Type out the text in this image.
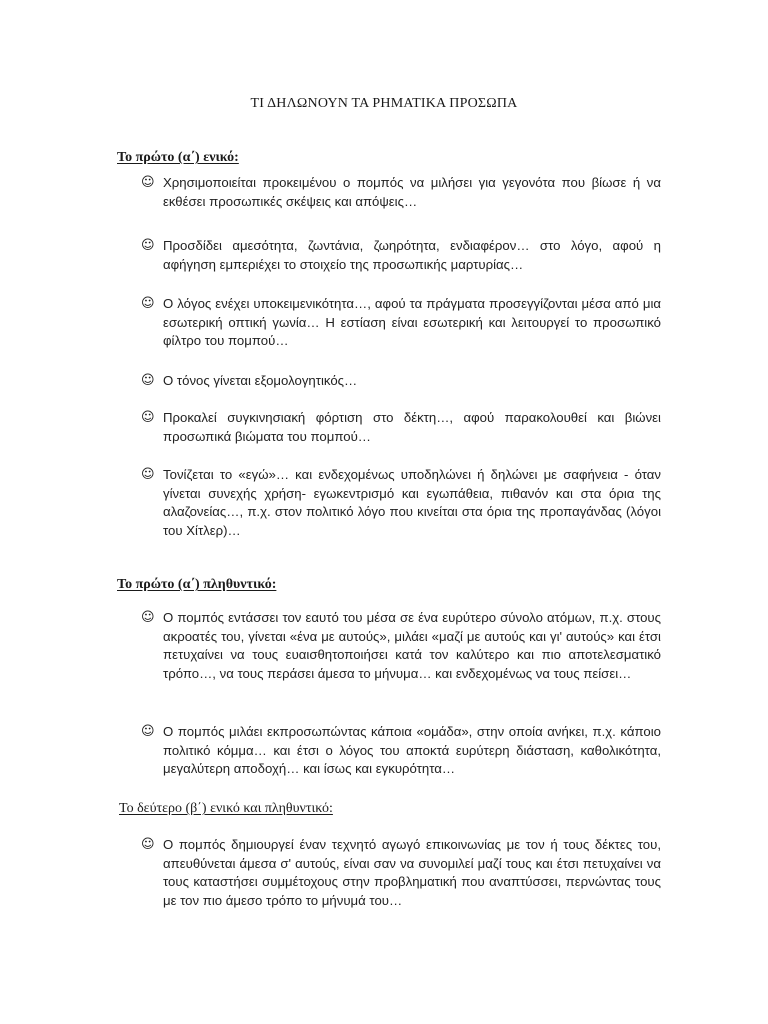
ΤΙ ΔΗΛΩΝΟΥΝ ΤΑ ΡΗΜΑΤΙΚΑ ΠΡΟΣΩΠΑ
Το πρώτο (α΄) ενικό:
☺ Χρησιμοποιείται προκειμένου ο πομπός να μιλήσει για γεγονότα που βίωσε ή να εκθέσει προσωπικές σκέψεις και απόψεις…
☺ Προσδίδει αμεσότητα, ζωντάνια, ζωηρότητα, ενδιαφέρον… στο λόγο, αφού η αφήγηση εμπεριέχει το στοιχείο της προσωπικής μαρτυρίας…
☺ Ο λόγος ενέχει υποκειμενικότητα…, αφού τα πράγματα προσεγγίζονται μέσα από μια εσωτερική οπτική γωνία… Η εστίαση είναι εσωτερική και λειτουργεί το προσωπικό φίλτρο του πομπού…
☺ Ο τόνος γίνεται εξομολογητικός…
☺ Προκαλεί συγκινησιακή φόρτιση στο δέκτη…, αφού παρακολουθεί και βιώνει προσωπικά βιώματα του πομπού…
☺ Τονίζεται το «εγώ»… και ενδεχομένως υποδηλώνει ή δηλώνει με σαφήνεια - όταν γίνεται συνεχής χρήση- εγωκεντρισμό και εγωπάθεια, πιθανόν και στα όρια της αλαζονείας…, π.χ. στον πολιτικό λόγο που κινείται στα όρια της προπαγάνδας (λόγοι του Χίτλερ)…
Το πρώτο (α΄) πληθυντικό:
☺ Ο πομπός εντάσσει τον εαυτό του μέσα σε ένα ευρύτερο σύνολο ατόμων, π.χ. στους ακροατές του, γίνεται «ένα με αυτούς», μιλάει «μαζί με αυτούς και γι' αυτούς» και έτσι πετυχαίνει να τους ευαισθητοποιήσει κατά τον καλύτερο και πιο αποτελεσματικό τρόπο…, να τους περάσει άμεσα το μήνυμα… και ενδεχομένως να τους πείσει…
☺ Ο πομπός μιλάει εκπροσωπώντας κάποια «ομάδα», στην οποία ανήκει, π.χ. κάποιο πολιτικό κόμμα… και έτσι ο λόγος του αποκτά ευρύτερη διάσταση, καθολικότητα, μεγαλύτερη αποδοχή… και ίσως και εγκυρότητα…
Το δεύτερο (β΄) ενικό και πληθυντικό:
☺ Ο πομπός δημιουργεί έναν τεχνητό αγωγό επικοινωνίας με τον ή τους δέκτες του, απευθύνεται άμεσα σ' αυτούς, είναι σαν να συνομιλεί μαζί τους και έτσι πετυχαίνει να τους καταστήσει συμμέτοχους στην προβληματική που αναπτύσσει, περνώντας τους με τον πιο άμεσο τρόπο το μήνυμά του…
